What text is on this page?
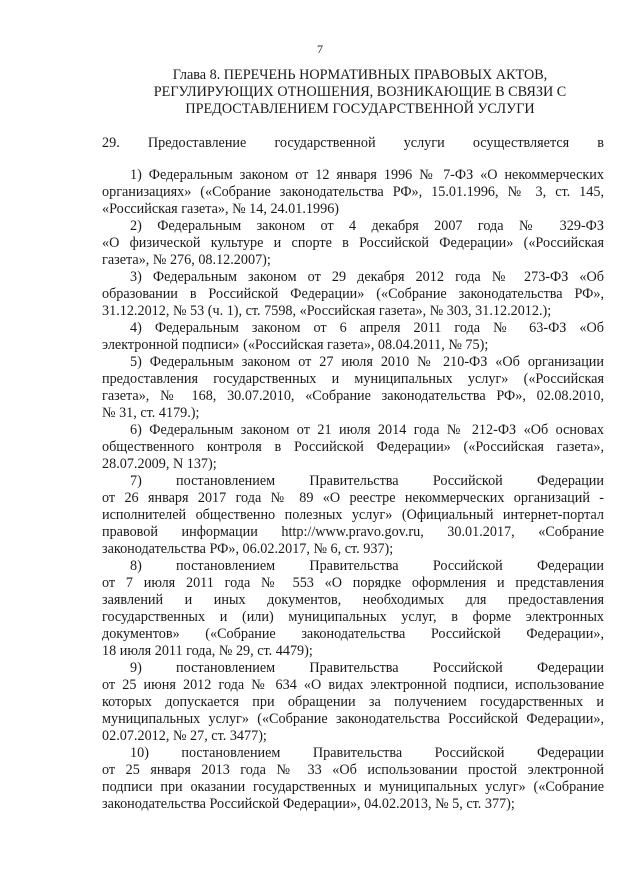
7
Глава 8. ПЕРЕЧЕНЬ НОРМАТИВНЫХ ПРАВОВЫХ АКТОВ,
РЕГУЛИРУЮЩИХ ОТНОШЕНИЯ, ВОЗНИКАЮЩИЕ В СВЯЗИ С
ПРЕДОСТАВЛЕНИЕМ ГОСУДАРСТВЕННОЙ УСЛУГИ
29. Предоставление государственной услуги осуществляется в
1) Федеральным законом от 12 января 1996 № 7-ФЗ «О некоммерческих
организациях» («Собрание законодательства РФ», 15.01.1996, № 3, ст. 145,
«Российская газета», № 14, 24.01.1996)
2) Федеральным законом от 4 декабря 2007 года № 329-ФЗ
«О физической культуре и спорте в Российской Федерации» («Российская
газета», № 276, 08.12.2007);
3) Федеральным законом от 29 декабря 2012 года № 273-ФЗ «Об
образовании в Российской Федерации» («Собрание законодательства РФ»,
31.12.2012, № 53 (ч. 1), ст. 7598, «Российская газета», № 303, 31.12.2012.);
4) Федеральным законом от 6 апреля 2011 года № 63-ФЗ «Об
электронной подписи» («Российская газета», 08.04.2011, № 75);
5) Федеральным законом от 27 июля 2010 № 210-ФЗ «Об организации
предоставления государственных и муниципальных услуг» («Российская
газета», № 168, 30.07.2010, «Собрание законодательства РФ», 02.08.2010,
№ 31, ст. 4179.);
6) Федеральным законом от 21 июля 2014 года № 212-ФЗ «Об основах
общественного контроля в Российской Федерации» («Российская газета»,
28.07.2009, N 137);
7) постановлением Правительства Российской Федерации
от 26 января 2017 года № 89 «О реестре некоммерческих организаций -
исполнителей общественно полезных услуг» (Официальный интернет-портал
правовой информации http://www.pravo.gov.ru, 30.01.2017, «Собрание
законодательства РФ», 06.02.2017, № 6, ст. 937);
8) постановлением Правительства Российской Федерации
от 7 июля 2011 года № 553 «О порядке оформления и представления
заявлений и иных документов, необходимых для предоставления
государственных и (или) муниципальных услуг, в форме электронных
документов» («Собрание законодательства Российской Федерации»,
18 июля 2011 года, № 29, ст. 4479);
9) постановлением Правительства Российской Федерации
от 25 июня 2012 года № 634 «О видах электронной подписи, использование
которых допускается при обращении за получением государственных и
муниципальных услуг» («Собрание законодательства Российской Федерации»,
02.07.2012, № 27, ст. 3477);
10) постановлением Правительства Российской Федерации
от 25 января 2013 года № 33 «Об использовании простой электронной
подписи при оказании государственных и муниципальных услуг» («Собрание
законодательства Российской Федерации», 04.02.2013, № 5, ст. 377);
